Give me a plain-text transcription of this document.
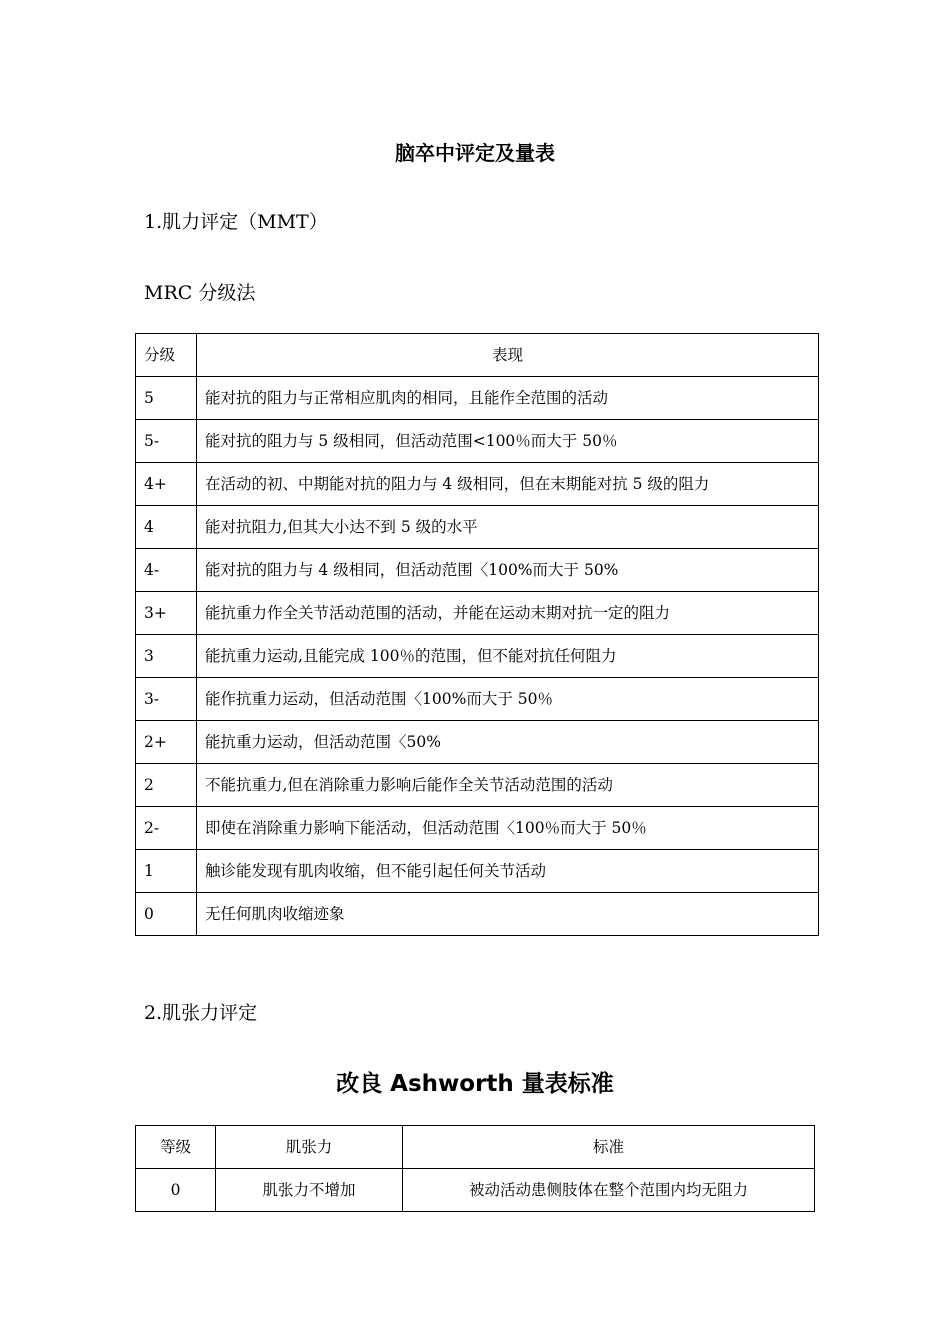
脑卒中评定及量表
1.肌力评定（MMT）
MRC 分级法
分级	表现
5	能对抗的阻力与正常相应肌肉的相同，且能作全范围的活动
5-	能对抗的阻力与 5 级相同，但活动范围<100％而大于 50％
4+	在活动的初、中期能对抗的阻力与 4 级相同，但在末期能对抗 5 级的阻力
4	能对抗阻力,但其大小达不到 5 级的水平
4-	能对抗的阻力与 4 级相同，但活动范围〈100%而大于 50%
3+	能抗重力作全关节活动范围的活动，并能在运动末期对抗一定的阻力
3	能抗重力运动,且能完成 100％的范围，但不能对抗任何阻力
3-	能作抗重力运动，但活动范围〈100%而大于 50％
2+	能抗重力运动，但活动范围〈50%
2	不能抗重力,但在消除重力影响后能作全关节活动范围的活动
2-	即使在消除重力影响下能活动，但活动范围〈100％而大于 50％
1	触诊能发现有肌肉收缩，但不能引起任何关节活动
0	无任何肌肉收缩迹象
2.肌张力评定
改良 Ashworth 量表标准
等级	肌张力	标准
0	肌张力不增加	被动活动患侧肢体在整个范围内均无阻力
